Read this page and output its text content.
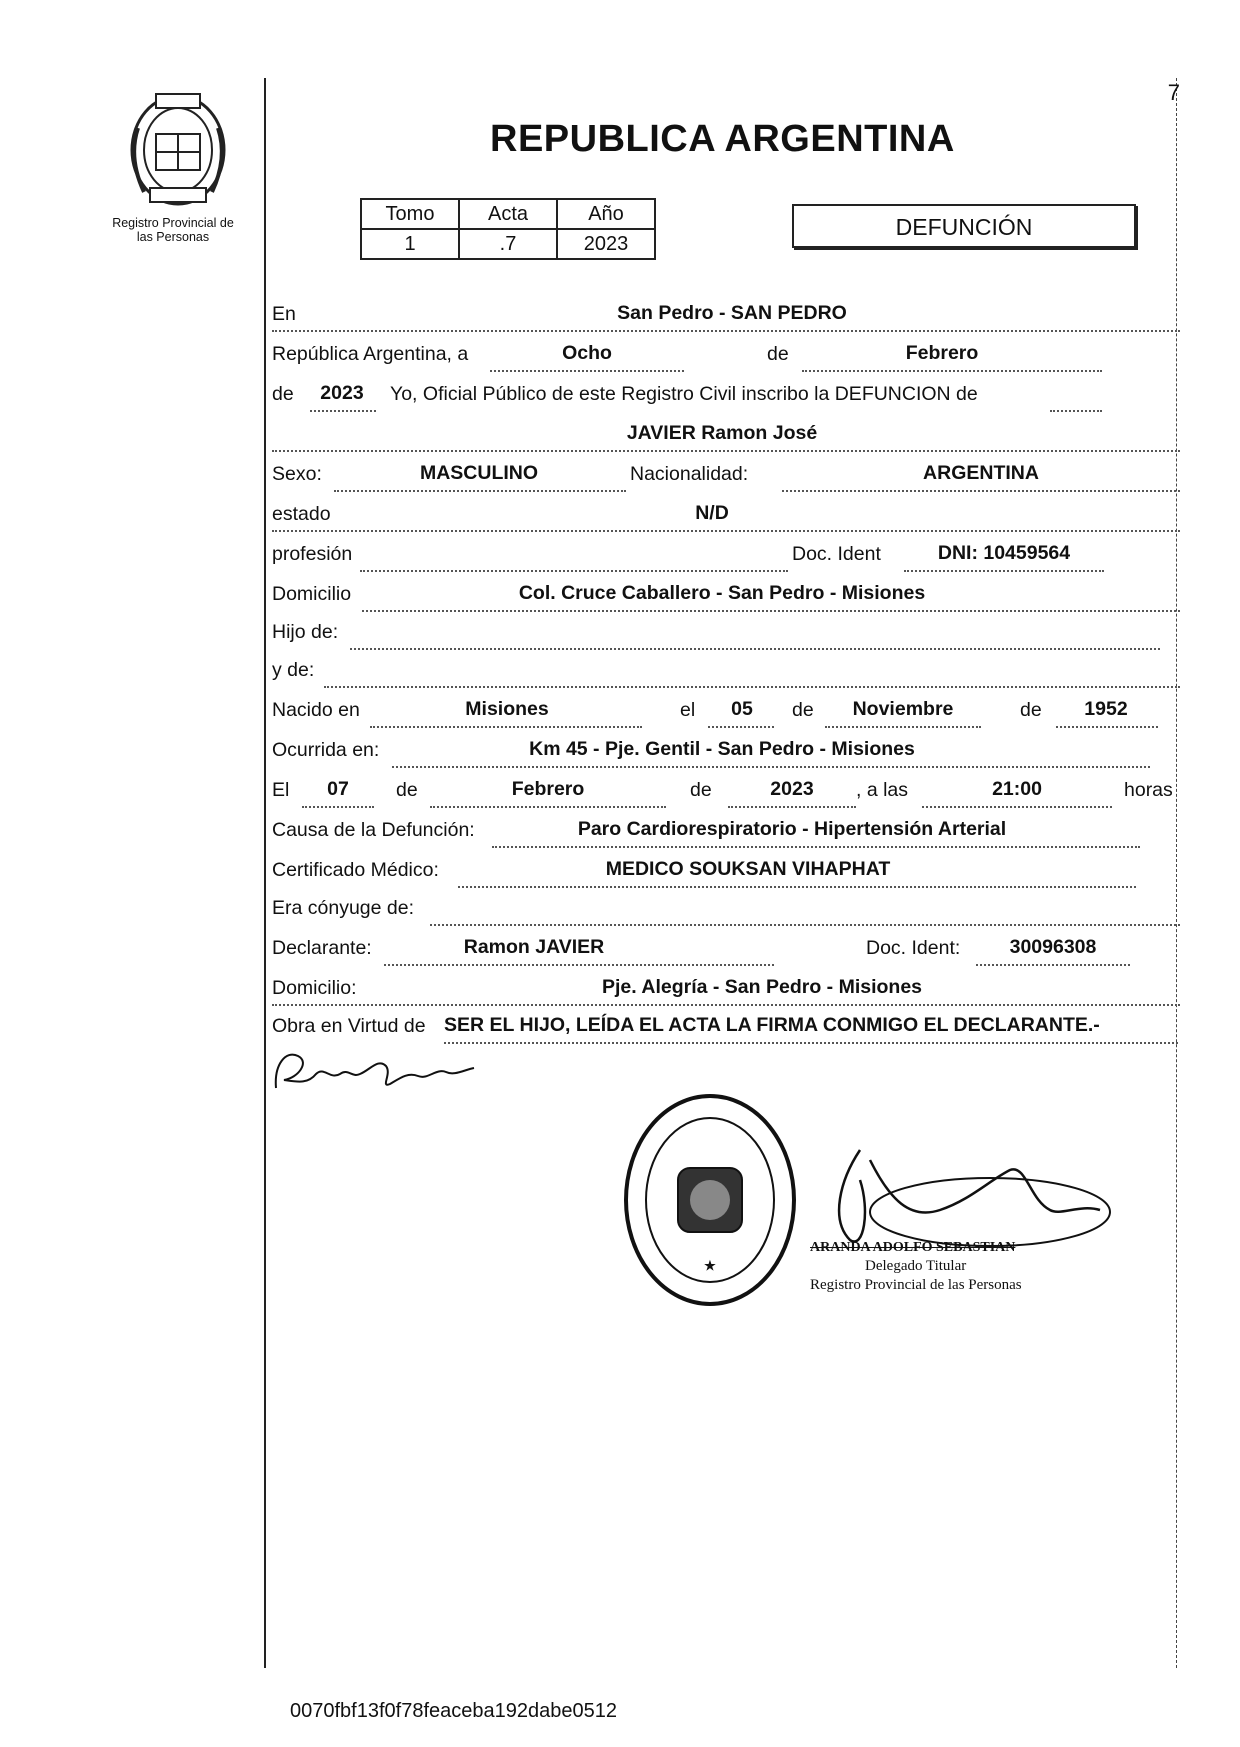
Registro Provincial de
las Personas
7
REPUBLICA ARGENTINA
Tomo	Acta	Año
1	.7	2023
DEFUNCIÓN
En	San Pedro - SAN PEDRO
República Argentina, a	Ocho	de	Febrero
de	2023	Yo, Oficial Público de este Registro Civil inscribo la DEFUNCION de
JAVIER Ramon José
Sexo:	MASCULINO	Nacionalidad:	ARGENTINA
estado	N/D
profesión	Doc. Ident	DNI: 10459564
Domicilio	Col. Cruce Caballero - San Pedro - Misiones
Hijo de:
y de:
Nacido en	Misiones	el	05	de	Noviembre	de	1952
Ocurrida en:	Km 45 - Pje. Gentil - San Pedro - Misiones
El	07	de	Febrero	de	2023	, a las	21:00	horas
Causa de la Defunción:	Paro Cardiorespiratorio - Hipertensión Arterial
Certificado Médico:	MEDICO SOUKSAN VIHAPHAT
Era cónyuge de:
Declarante:	Ramon JAVIER	Doc. Ident:	30096308
Domicilio:	Pje. Alegría - San Pedro - Misiones
Obra en Virtud de SER EL HIJO, LEÍDA EL ACTA LA FIRMA CONMIGO EL DECLARANTE.-
★
ARANDA ADOLFO SEBASTIAN
Delegado Titular
Registro Provincial de las Personas
0070fbf13f0f78feaceba192dabe0512
